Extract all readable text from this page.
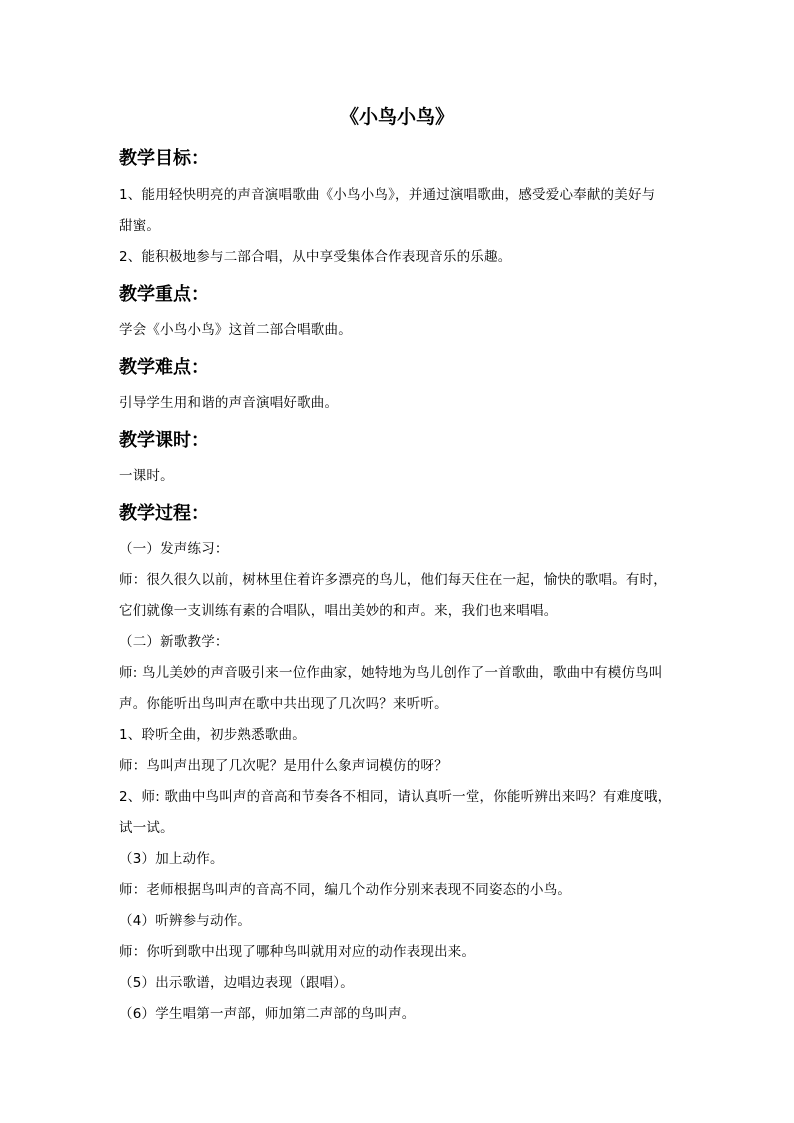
《小鸟小鸟》
教学目标：
1、能用轻快明亮的声音演唱歌曲《小鸟小鸟》，并通过演唱歌曲，感受爱心奉献的美好与
甜蜜。
2、能积极地参与二部合唱，从中享受集体合作表现音乐的乐趣。
教学重点：
学会《小鸟小鸟》这首二部合唱歌曲。
教学难点：
引导学生用和谐的声音演唱好歌曲。
教学课时：
一课时。
教学过程：
（一）发声练习：
师：很久很久以前，树林里住着许多漂亮的鸟儿，他们每天住在一起，愉快的歌唱。有时，
它们就像一支训练有素的合唱队，唱出美妙的和声。来，我们也来唱唱。
（二）新歌教学：
师: 鸟儿美妙的声音吸引来一位作曲家，她特地为鸟儿创作了一首歌曲，歌曲中有模仿鸟叫
声。你能听出鸟叫声在歌中共出现了几次吗？来听听。
1、聆听全曲，初步熟悉歌曲。
师：鸟叫声出现了几次呢？是用什么象声词模仿的呀？
2、师: 歌曲中鸟叫声的音高和节奏各不相同，请认真听一堂，你能听辨出来吗？有难度哦，
试一试。
（3）加上动作。
师：老师根据鸟叫声的音高不同，编几个动作分别来表现不同姿态的小鸟。
（4）听辨参与动作。
师：你听到歌中出现了哪种鸟叫就用对应的动作表现出来。
（5）出示歌谱，边唱边表现（跟唱）。
（6）学生唱第一声部，师加第二声部的鸟叫声。
